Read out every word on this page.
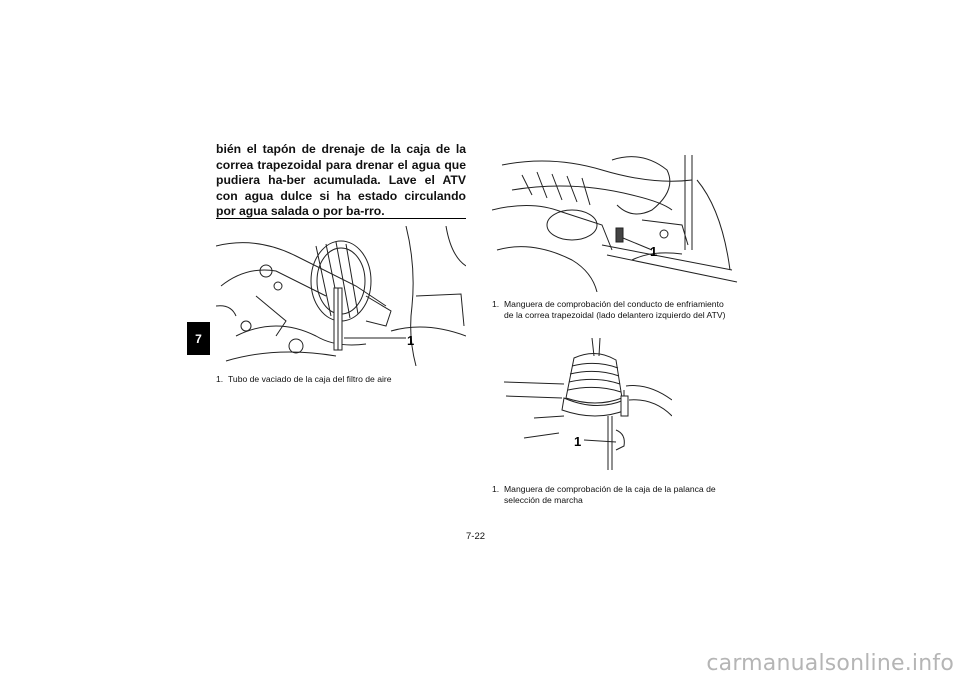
7

bién el tapón de drenaje de la caja de la correa trapezoidal para drenar el agua que pudiera ha-ber acumulada. Lave el ATV con agua dulce si ha estado circulando por agua salada o por ba-rro.

1

1. Tubo de vaciado de la caja del filtro de aire

1

1. Manguera de comprobación del conducto de enfriamiento
de la correa trapezoidal (lado delantero izquierdo del ATV)

1

1. Manguera de comprobación de la caja de la palanca de
selección de marcha

7-22
carmanualsonline.info
